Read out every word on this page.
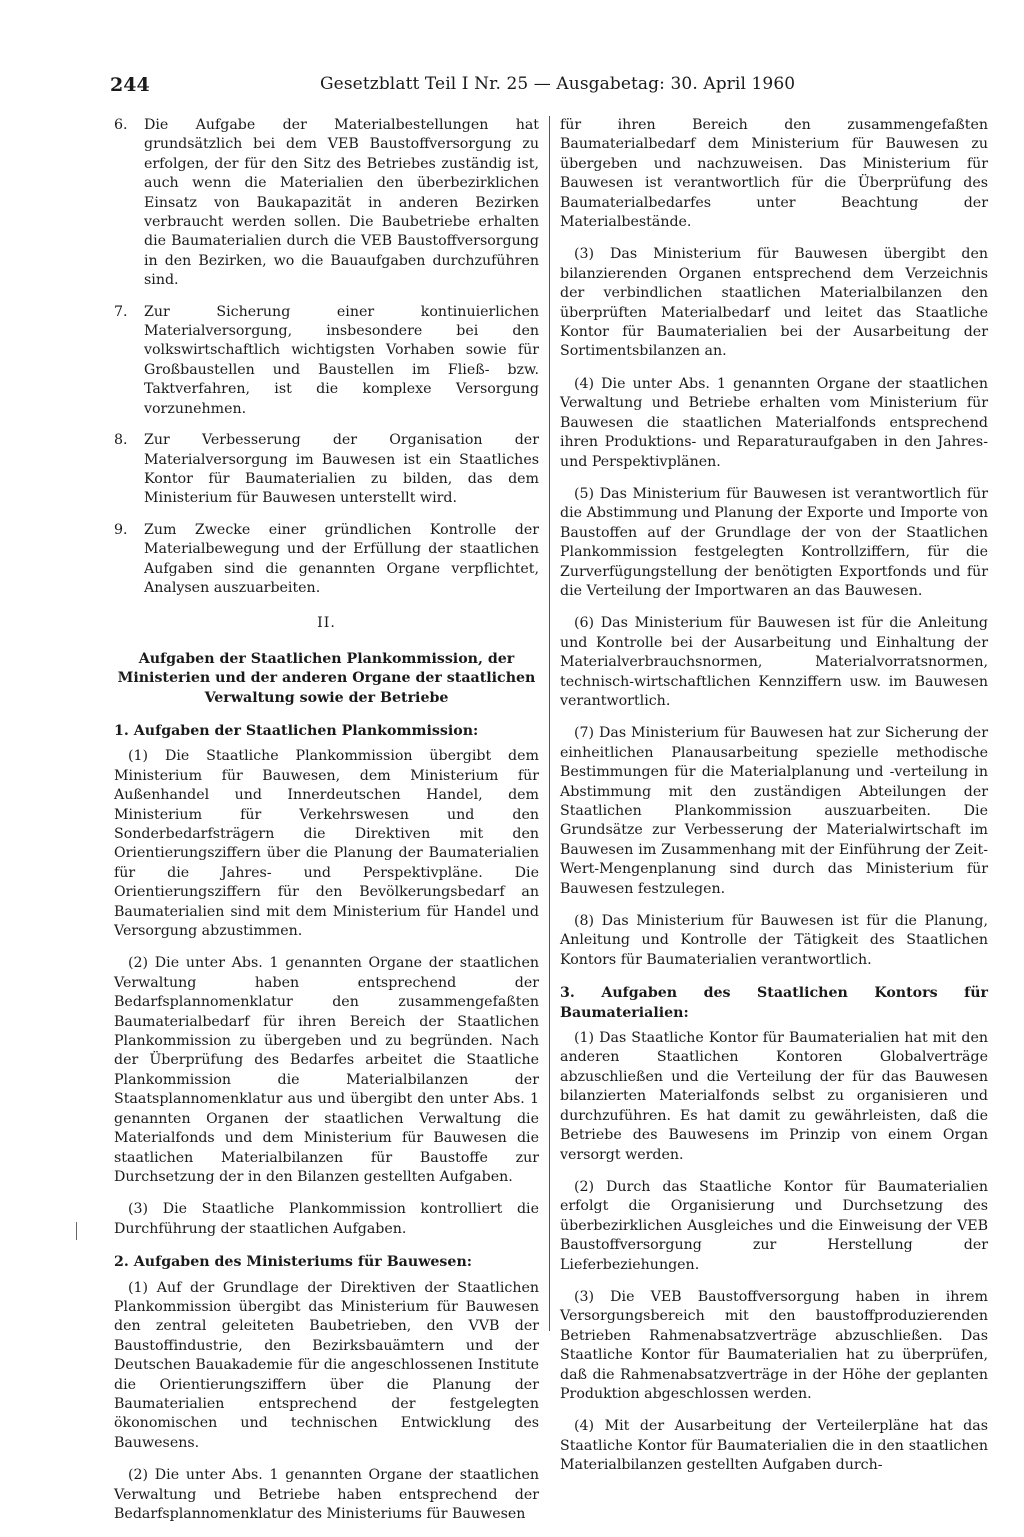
244	Gesetzblatt Teil I Nr. 25 — Ausgabetag: 30. April 1960
6.	Die Aufgabe der Materialbestellungen hat grundsätzlich bei dem VEB Baustoffversorgung zu erfolgen, der für den Sitz des Betriebes zuständig ist, auch wenn die Materialien den überbezirklichen Einsatz von Baukapazität in anderen Bezirken verbraucht werden sollen. Die Baubetriebe erhalten die Baumaterialien durch die VEB Baustoffversorgung in den Bezirken, wo die Bauaufgaben durchzuführen sind.
7.	Zur Sicherung einer kontinuierlichen Materialversorgung, insbesondere bei den volkswirtschaftlich wichtigsten Vorhaben sowie für Großbaustellen und Baustellen im Fließ- bzw. Taktverfahren, ist die komplexe Versorgung vorzunehmen.
8.	Zur Verbesserung der Organisation der Materialversorgung im Bauwesen ist ein Staatliches Kontor für Baumaterialien zu bilden, das dem Ministerium für Bauwesen unterstellt wird.
9.	Zum Zwecke einer gründlichen Kontrolle der Materialbewegung und der Erfüllung der staatlichen Aufgaben sind die genannten Organe verpflichtet, Analysen auszuarbeiten.
II.
Aufgaben der Staatlichen Plankommission, der Ministerien und der anderen Organe der staatlichen Verwaltung sowie der Betriebe
1. Aufgaben der Staatlichen Plankommission:

(1) Die Staatliche Plankommission übergibt dem Ministerium für Bauwesen, dem Ministerium für Außenhandel und Innerdeutschen Handel, dem Ministerium für Verkehrswesen und den Sonderbedarfsträgern die Direktiven mit den Orientierungsziffern über die Planung der Baumaterialien für die Jahres- und Perspektivpläne. Die Orientierungsziffern für den Bevölkerungsbedarf an Baumaterialien sind mit dem Ministerium für Handel und Versorgung abzustimmen.

(2) Die unter Abs. 1 genannten Organe der staatlichen Verwaltung haben entsprechend der Bedarfsplannomenklatur den zusammengefaßten Baumaterialbedarf für ihren Bereich der Staatlichen Plankommission zu übergeben und zu begründen. Nach der Überprüfung des Bedarfes arbeitet die Staatliche Plankommission die Materialbilanzen der Staatsplannomenklatur aus und übergibt den unter Abs. 1 genannten Organen der staatlichen Verwaltung die Materialfonds und dem Ministerium für Bauwesen die staatlichen Materialbilanzen für Baustoffe zur Durchsetzung der in den Bilanzen gestellten Aufgaben.

(3) Die Staatliche Plankommission kontrolliert die Durchführung der staatlichen Aufgaben.

2. Aufgaben des Ministeriums für Bauwesen:

(1) Auf der Grundlage der Direktiven der Staatlichen Plankommission übergibt das Ministerium für Bauwesen den zentral geleiteten Baubetrieben, den VVB der Baustoffindustrie, den Bezirksbauämtern und der Deutschen Bauakademie für die angeschlossenen Institute die Orientierungsziffern über die Planung der Baumaterialien entsprechend der festgelegten ökonomischen und technischen Entwicklung des Bauwesens.

(2) Die unter Abs. 1 genannten Organe der staatlichen Verwaltung und Betriebe haben entsprechend der Bedarfsplannomenklatur des Ministeriums für Bauwesen

für ihren Bereich den zusammengefaßten Baumaterialbedarf dem Ministerium für Bauwesen zu übergeben und nachzuweisen. Das Ministerium für Bauwesen ist verantwortlich für die Überprüfung des Baumaterialbedarfes unter Beachtung der Materialbestände.

(3) Das Ministerium für Bauwesen übergibt den bilanzierenden Organen entsprechend dem Verzeichnis der verbindlichen staatlichen Materialbilanzen den überprüften Materialbedarf und leitet das Staatliche Kontor für Baumaterialien bei der Ausarbeitung der Sortimentsbilanzen an.

(4) Die unter Abs. 1 genannten Organe der staatlichen Verwaltung und Betriebe erhalten vom Ministerium für Bauwesen die staatlichen Materialfonds entsprechend ihren Produktions- und Reparaturaufgaben in den Jahres- und Perspektivplänen.

(5) Das Ministerium für Bauwesen ist verantwortlich für die Abstimmung und Planung der Exporte und Importe von Baustoffen auf der Grundlage der von der Staatlichen Plankommission festgelegten Kontrollziffern, für die Zurverfügungstellung der benötigten Exportfonds und für die Verteilung der Importwaren an das Bauwesen.

(6) Das Ministerium für Bauwesen ist für die Anleitung und Kontrolle bei der Ausarbeitung und Einhaltung der Materialverbrauchsnormen, Materialvorratsnormen, technisch-wirtschaftlichen Kennziffern usw. im Bauwesen verantwortlich.

(7) Das Ministerium für Bauwesen hat zur Sicherung der einheitlichen Planausarbeitung spezielle methodische Bestimmungen für die Materialplanung und -verteilung in Abstimmung mit den zuständigen Abteilungen der Staatlichen Plankommission auszuarbeiten. Die Grundsätze zur Verbesserung der Materialwirtschaft im Bauwesen im Zusammenhang mit der Einführung der Zeit-Wert-Mengenplanung sind durch das Ministerium für Bauwesen festzulegen.

(8) Das Ministerium für Bauwesen ist für die Planung, Anleitung und Kontrolle der Tätigkeit des Staatlichen Kontors für Baumaterialien verantwortlich.

3. Aufgaben des Staatlichen Kontors für Baumaterialien:

(1) Das Staatliche Kontor für Baumaterialien hat mit den anderen Staatlichen Kontoren Globalverträge abzuschließen und die Verteilung der für das Bauwesen bilanzierten Materialfonds selbst zu organisieren und durchzuführen. Es hat damit zu gewährleisten, daß die Betriebe des Bauwesens im Prinzip von einem Organ versorgt werden.

(2) Durch das Staatliche Kontor für Baumaterialien erfolgt die Organisierung und Durchsetzung des überbezirklichen Ausgleiches und die Einweisung der VEB Baustoffversorgung zur Herstellung der Lieferbeziehungen.

(3) Die VEB Baustoffversorgung haben in ihrem Versorgungsbereich mit den baustoffproduzierenden Betrieben Rahmenabsatzverträge abzuschließen. Das Staatliche Kontor für Baumaterialien hat zu überprüfen, daß die Rahmenabsatzverträge in der Höhe der geplanten Produktion abgeschlossen werden.

(4) Mit der Ausarbeitung der Verteilerpläne hat das Staatliche Kontor für Baumaterialien die in den staatlichen Materialbilanzen gestellten Aufgaben durch-
